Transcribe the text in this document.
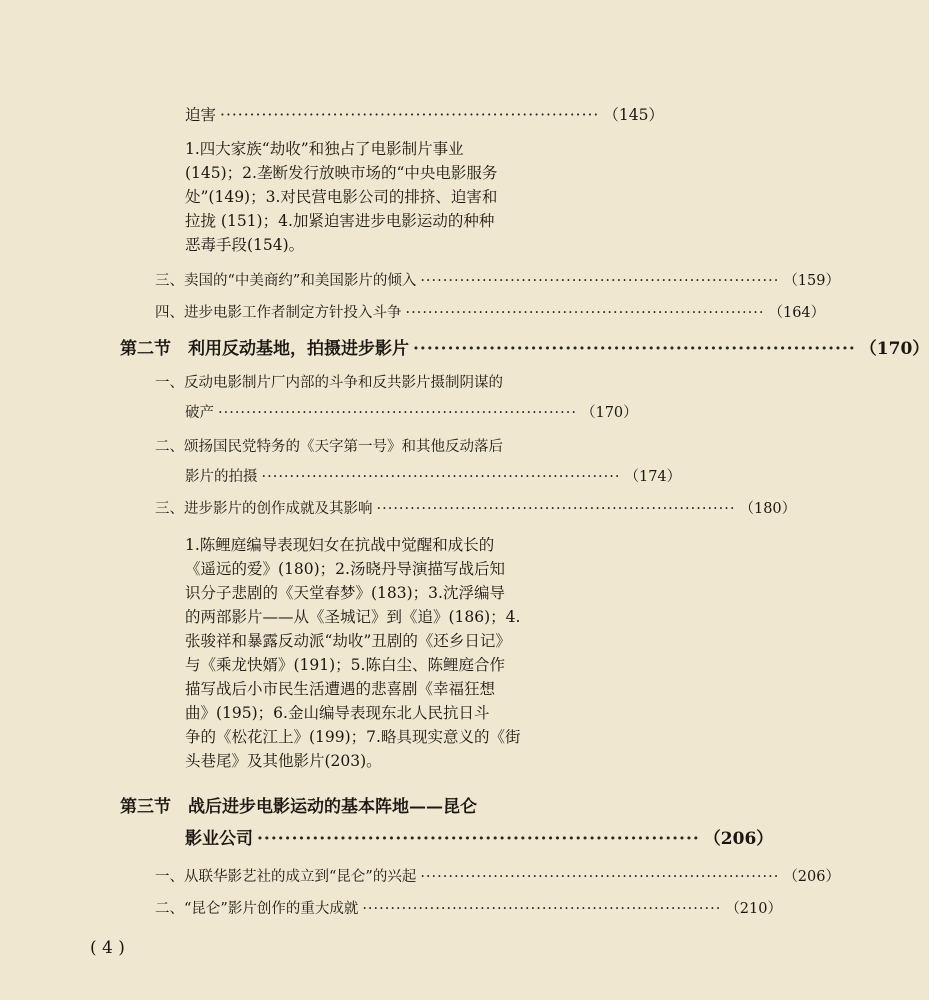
迫害 ································································ （145）
1.四大家族“劫收”和独占了电影制片事业
(145)；2.垄断发行放映市场的“中央电影服务
处”(149)；3.对民营电影公司的排挤、迫害和
拉拢 (151)；4.加紧迫害进步电影运动的种种
恶毒手段(154)。
三、卖国的“中美商约”和美国影片的倾入 ································································ （159）
四、进步电影工作者制定方针投入斗争 ································································ （164）
第二节　利用反动基地，拍摄进步影片 ································································ （170）
一、反动电影制片厂内部的斗争和反共影片摄制阴谋的
破产 ································································ （170）
二、颂扬国民党特务的《天字第一号》和其他反动落后
影片的拍摄 ································································ （174）
三、进步影片的创作成就及其影响 ································································ （180）
1.陈鲤庭编导表现妇女在抗战中觉醒和成长的
《遥远的爱》(180)；2.汤晓丹导演描写战后知
识分子悲剧的《天堂春梦》(183)；3.沈浮编导
的两部影片——从《圣城记》到《追》(186)；4.
张骏祥和暴露反动派“劫收”丑剧的《还乡日记》
与《乘龙快婿》(191)；5.陈白尘、陈鲤庭合作
描写战后小市民生活遭遇的悲喜剧《幸福狂想
曲》(195)；6.金山编导表现东北人民抗日斗
争的《松花江上》(199)；7.略具现实意义的《街
头巷尾》及其他影片(203)。
第三节　战后进步电影运动的基本阵地——昆仑
影业公司 ································································ （206）
一、从联华影艺社的成立到“昆仑”的兴起 ································································ （206）
二、“昆仑”影片创作的重大成就 ································································ （210）
( 4 )
